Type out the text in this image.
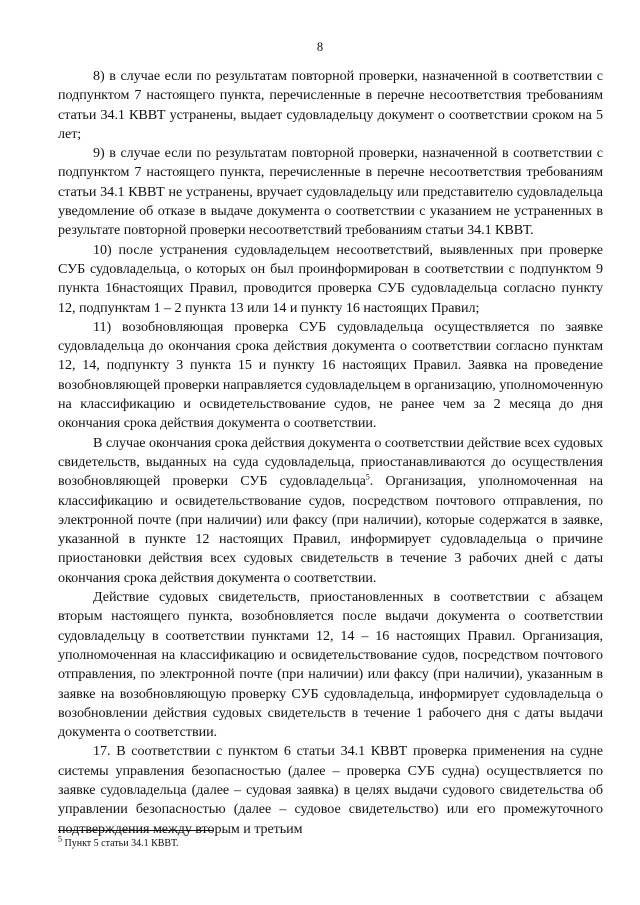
8

8) в случае если по результатам повторной проверки, назначенной в соответствии с подпунктом 7 настоящего пункта, перечисленные в перечне несоответствия требованиям статьи 34.1 КВВТ устранены, выдает судовладельцу документ о соответствии сроком на 5 лет;

9) в случае если по результатам повторной проверки, назначенной в соответствии с подпунктом 7 настоящего пункта, перечисленные в перечне несоответствия требованиям статьи 34.1 КВВТ не устранены, вручает судовладельцу или представителю судовладельца уведомление об отказе в выдаче документа о соответствии с указанием не устраненных в результате повторной проверки несоответствий требованиям статьи 34.1 КВВТ.

10) после устранения судовладельцем несоответствий, выявленных при проверке СУБ судовладельца, о которых он был проинформирован в соответствии с подпунктом 9 пункта 16настоящих Правил, проводится проверка СУБ судовладельца согласно пункту 12, подпунктам 1 – 2 пункта 13 или 14 и пункту 16 настоящих Правил;

11) возобновляющая проверка СУБ судовладельца осуществляется по заявке судовладельца до окончания срока действия документа о соответствии согласно пунктам 12, 14, подпункту 3 пункта 15 и пункту 16 настоящих Правил. Заявка на проведение возобновляющей проверки направляется судовладельцем в организацию, уполномоченную на классификацию и освидетельствование судов, не ранее чем за 2 месяца до дня окончания срока действия документа о соответствии.

В случае окончания срока действия документа о соответствии действие всех судовых свидетельств, выданных на суда судовладельца, приостанавливаются до осуществления возобновляющей проверки СУБ судовладельца$^5$. Организация, уполномоченная на классификацию и освидетельствование судов, посредством почтового отправления, по электронной почте (при наличии) или факсу (при наличии), которые содержатся в заявке, указанной в пункте 12 настоящих Правил, информирует судовладельца о причине приостановки действия всех судовых свидетельств в течение 3 рабочих дней с даты окончания срока действия документа о соответствии.

Действие судовых свидетельств, приостановленных в соответствии с абзацем вторым настоящего пункта, возобновляется после выдачи документа о соответствии судовладельцу в соответствии пунктами 12, 14 – 16 настоящих Правил. Организация, уполномоченная на классификацию и освидетельствование судов, посредством почтового отправления, по электронной почте (при наличии) или факсу (при наличии), указанным в заявке на возобновляющую проверку СУБ судовладельца, информирует судовладельца о возобновлении действия судовых свидетельств в течение 1 рабочего дня с даты выдачи документа о соответствии.

17. В соответствии с пунктом 6 статьи 34.1 КВВТ проверка применения на судне системы управления безопасностью (далее – проверка СУБ судна) осуществляется по заявке судовладельца (далее – судовая заявка) в целях выдачи судового свидетельства об управлении безопасностью (далее – судовое свидетельство) или его промежуточного подтверждения между вторым и третьим

$^5$ Пункт 5 статьи 34.1 КВВТ.
